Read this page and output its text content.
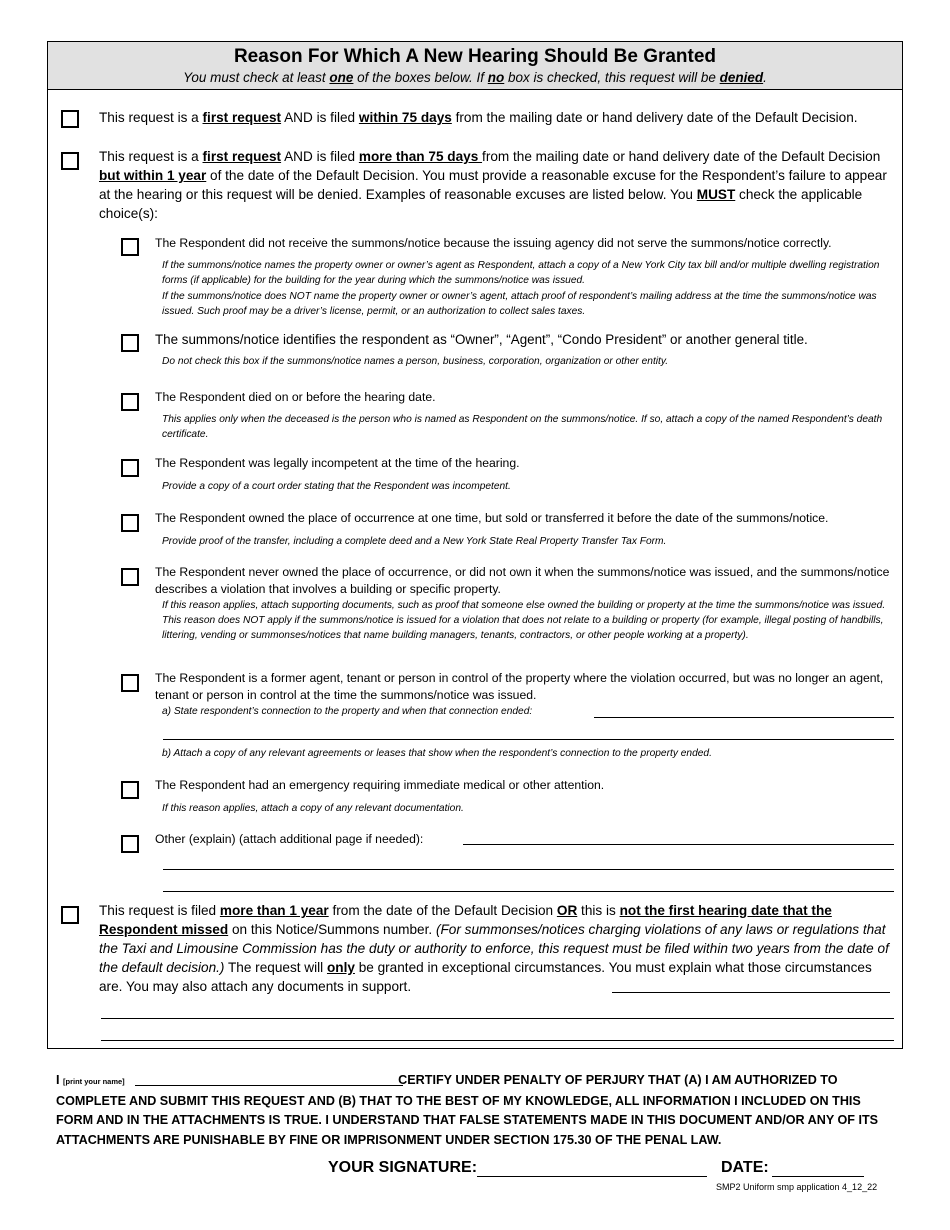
Reason For Which A New Hearing Should Be Granted
You must check at least one of the boxes below. If no box is checked, this request will be denied.
This request is a first request AND is filed within 75 days from the mailing date or hand delivery date of the Default Decision.
This request is a first request AND is filed more than 75 days from the mailing date or hand delivery date of the Default Decision but within 1 year of the date of the Default Decision. You must provide a reasonable excuse for the Respondent’s failure to appear at the hearing or this request will be denied. Examples of reasonable excuses are listed below. You MUST check the applicable choice(s):
The Respondent did not receive the summons/notice because the issuing agency did not serve the summons/notice correctly.
If the summons/notice names the property owner or owner’s agent as Respondent, attach a copy of a New York City tax bill and/or multiple dwelling registration forms (if applicable) for the building for the year during which the summons/notice was issued.
If the summons/notice does NOT name the property owner or owner’s agent, attach proof of respondent’s mailing address at the time the summons/notice was issued. Such proof may be a driver’s license, permit, or an authorization to collect sales taxes.
The summons/notice identifies the respondent as “Owner”, “Agent”, “Condo President” or another general title.
Do not check this box if the summons/notice names a person, business, corporation, organization or other entity.
The Respondent died on or before the hearing date.
This applies only when the deceased is the person who is named as Respondent on the summons/notice. If so, attach a copy of the named Respondent’s death certificate.
The Respondent was legally incompetent at the time of the hearing.
Provide a copy of a court order stating that the Respondent was incompetent.
The Respondent owned the place of occurrence at one time, but sold or transferred it before the date of the summons/notice.
Provide proof of the transfer, including a complete deed and a New York State Real Property Transfer Tax Form.
The Respondent never owned the place of occurrence, or did not own it when the summons/notice was issued, and the summons/notice describes a violation that involves a building or specific property.
If this reason applies, attach supporting documents, such as proof that someone else owned the building or property at the time the summons/notice was issued. This reason does NOT apply if the summons/notice is issued for a violation that does not relate to a building or property (for example, illegal posting of handbills, littering, vending or summonses/notices that name building managers, tenants, contractors, or other people working at a property).
The Respondent is a former agent, tenant or person in control of the property where the violation occurred, but was no longer an agent, tenant or person in control at the time the summons/notice was issued.
a) State respondent’s connection to the property and when that connection ended:
b) Attach a copy of any relevant agreements or leases that show when the respondent’s connection to the property ended.
The Respondent had an emergency requiring immediate medical or other attention.
If this reason applies, attach a copy of any relevant documentation.
Other (explain) (attach additional page if needed):
This request is filed more than 1 year from the date of the Default Decision OR this is not the first hearing date that the Respondent missed on this Notice/Summons number. (For summonses/notices charging violations of any laws or regulations that the Taxi and Limousine Commission has the duty or authority to enforce, this request must be filed within two years from the date of the default decision.) The request will only be granted in exceptional circumstances. You must explain what those circumstances are. You may also attach any documents in support.
I [print your name]	CERTIFY UNDER PENALTY OF PERJURY THAT (A) I AM AUTHORIZED TO COMPLETE AND SUBMIT THIS REQUEST AND (B) THAT TO THE BEST OF MY KNOWLEDGE, ALL INFORMATION I INCLUDED ON THIS FORM AND IN THE ATTACHMENTS IS TRUE. I UNDERSTAND THAT FALSE STATEMENTS MADE IN THIS DOCUMENT AND/OR ANY OF ITS ATTACHMENTS ARE PUNISHABLE BY FINE OR IMPRISONMENT UNDER SECTION 175.30 OF THE PENAL LAW.
YOUR SIGNATURE:	DATE:
SMP2 Uniform smp application 4_12_22
